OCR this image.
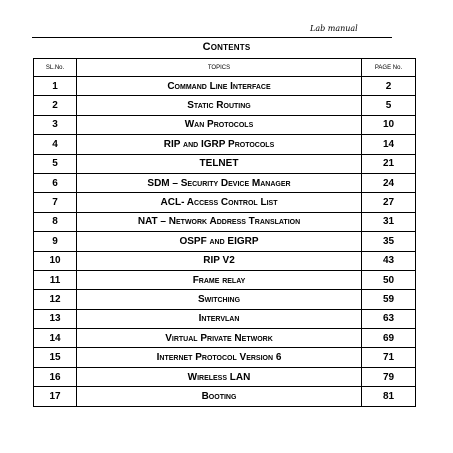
Lab manual
Contents
SL.No.	TOPICS	PAGE No.
1	Command Line Interface	2
2	Static Routing	5
3	Wan Protocols	10
4	RIP and IGRP Protocols	14
5	TELNET	21
6	SDM – Security Device Manager	24
7	ACL- Access Control List	27
8	NAT – Network Address Translation	31
9	OSPF and EIGRP	35
10	RIP V2	43
11	Frame relay	50
12	Switching	59
13	Intervlan	63
14	Virtual Private Network	69
15	Internet Protocol Version 6	71
16	Wireless LAN	79
17	Booting	81
